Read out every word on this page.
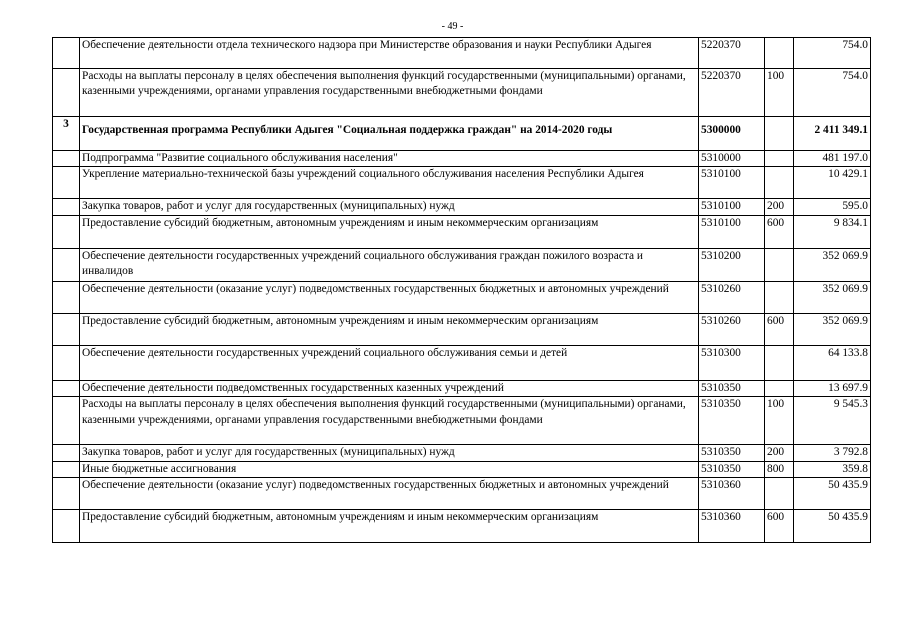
- 49 -
	Обеспечение деятельности отдела технического надзора при Министерстве образования и науки Республики Адыгея	5220370		754.0
	Расходы на выплаты персоналу в целях обеспечения выполнения функций государственными (муниципальными) органами, казенными учреждениями, органами управления государственными внебюджетными фондами	5220370	100	754.0
3	Государственная программа Республики Адыгея "Социальная поддержка граждан" на 2014-2020 годы	5300000		2 411 349.1
	Подпрограмма "Развитие социального обслуживания населения"	5310000		481 197.0
	Укрепление материально-технической базы учреждений социального обслуживания населения Республики Адыгея	5310100		10 429.1
	Закупка товаров, работ и услуг для государственных (муниципальных) нужд	5310100	200	595.0
	Предоставление субсидий бюджетным, автономным учреждениям и иным некоммерческим организациям	5310100	600	9 834.1
	Обеспечение деятельности государственных учреждений социального обслуживания граждан пожилого возраста и инвалидов	5310200		352 069.9
	Обеспечение деятельности (оказание услуг) подведомственных государственных бюджетных и автономных учреждений	5310260		352 069.9
	Предоставление субсидий бюджетным, автономным учреждениям и иным некоммерческим организациям	5310260	600	352 069.9
	Обеспечение деятельности государственных учреждений социального обслуживания семьи и детей	5310300		64 133.8
	Обеспечение деятельности подведомственных государственных казенных учреждений	5310350		13 697.9
	Расходы на выплаты персоналу в целях обеспечения выполнения функций государственными (муниципальными) органами, казенными учреждениями, органами управления государственными внебюджетными фондами	5310350	100	9 545.3
	Закупка товаров, работ и услуг для государственных (муниципальных) нужд	5310350	200	3 792.8
	Иные бюджетные ассигнования	5310350	800	359.8
	Обеспечение деятельности (оказание услуг) подведомственных государственных бюджетных и автономных учреждений	5310360		50 435.9
	Предоставление субсидий бюджетным, автономным учреждениям и иным некоммерческим организациям	5310360	600	50 435.9
